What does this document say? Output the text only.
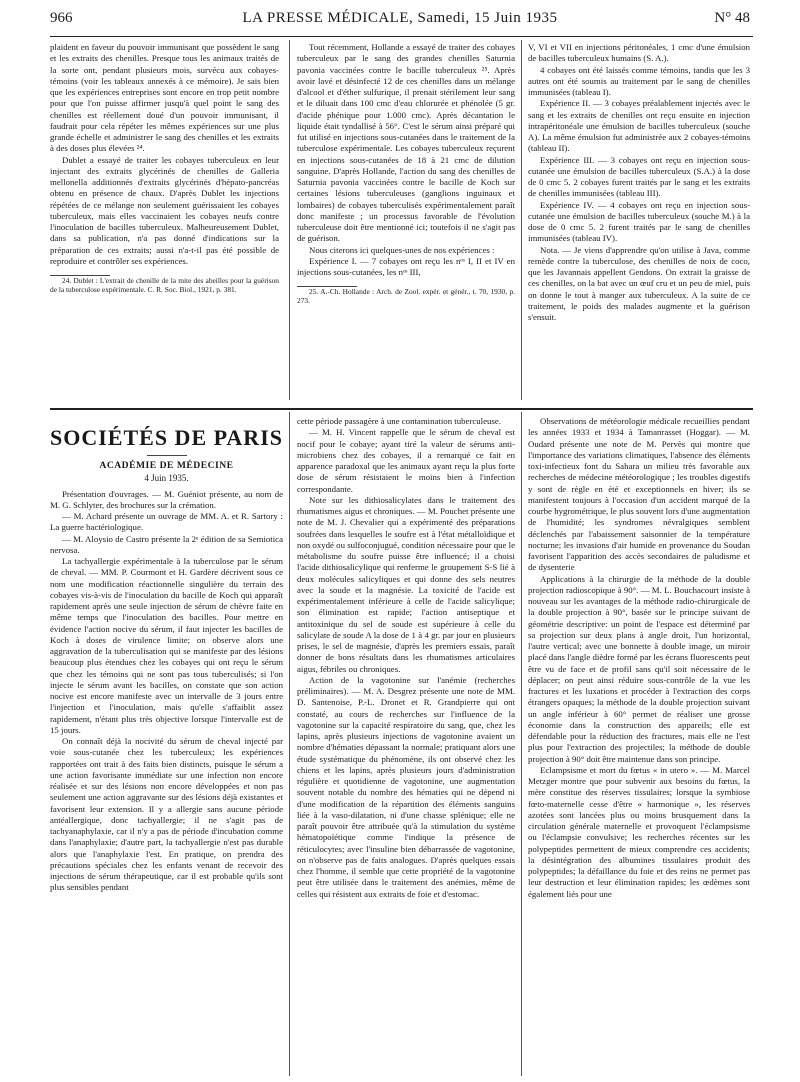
966	LA PRESSE MÉDICALE, Samedi, 15 Juin 1935	N° 48

plaident en faveur du pouvoir immunisant que possèdent le sang et les extraits des chenilles. Presque tous les animaux traités de la sorte ont, pendant plusieurs mois, survécu aux cobayes-témoins (voir les tableaux annexés à ce mémoire). Je sais bien que les expériences entreprises sont encore en trop petit nombre pour que l'on puisse affirmer jusqu'à quel point le sang des chenilles est réellement doué d'un pouvoir immunisant, il faudrait pour cela répéter les mêmes expériences sur une plus grande échelle et administrer le sang des chenilles et les extraits à des doses plus élevées ²⁴.

Dublet a essayé de traiter les cobayes tuberculeux en leur injectant des extraits glycérinés de chenilles de Galleria mellonella additionnés d'extraits glycérinés d'hépato-pancréas obtenu en présence de chaux. D'après Dublet les injections répétées de ce mélange non seulement guérissaient les cobayes tuberculeux, mais elles vaccinaient les cobayes neufs contre l'inoculation de bacilles tuberculeux. Malheureusement Dublet, dans sa publication, n'a pas donné d'indications sur la préparation de ces extraits; aussi n'a-t-il pas été possible de reproduire et contrôler ses expériences.

24. Dublet : L'extrait de chenille de la mite des abeilles pour la guérison de la tuberculose expérimentale. C. R. Soc. Biol., 1921, p. 381.

Tout récemment, Hollande a essayé de traiter des cobayes tuberculeux par le sang des grandes chenilles Saturnia pavonia vaccinées contre le bacille tuberculeux ²⁵. Après avoir lavé et désinfecté 12 de ces chenilles dans un mélange d'alcool et d'éther sulfurique, il prenait stérilement leur sang et le diluait dans 100 cmc d'eau chlorurée et phénolée (5 gr. d'acide phénique pour 1.000 cmc). Après décantation le liquide était tyndallisé à 56°. C'est le sérum ainsi préparé qui fut utilisé en injections sous-cutanées dans le traitement de la tuberculose expérimentale. Les cobayes tuberculeux reçurent en injections sous-cutanées de 18 à 21 cmc de dilution sanguine. D'après Hollande, l'action du sang des chenilles de Saturnia pavonia vaccinées contre le bacille de Koch sur certaines lésions tuberculeuses (ganglions inguinaux et lombaires) de cobayes tuberculisés expérimentalement paraît donc manifeste ; un processus favorable de l'évolution tuberculeuse doit être mentionné ici; toutefois il ne s'agit pas de guérison.

Nous citerons ici quelques-unes de nos expériences :

Expérience I. — 7 cobayes ont reçu les nᵒˢ I, II et IV en injections sous-cutanées, les nᵒˢ III,

25. A.-Ch. Hollande : Arch. de Zool. expér. et génér., t. 70, 1930, p. 273.

V, VI et VII en injections péritonéales, 1 cmc d'une émulsion de bacilles tuberculeux humains (S. A.).

4 cobayes ont été laissés comme témoins, tandis que les 3 autres ont été soumis au traitement par le sang de chenilles immunisées (tableau I).

Expérience II. — 3 cobayes préalablement injectés avec le sang et les extraits de chenilles ont reçu ensuite en injection intrapéritonéale une émulsion de bacilles tuberculeux (souche A). La même émulsion fut administrée aux 2 cobayes-témoins (tableau II).

Expérience III. — 3 cobayes ont reçu en injection sous-cutanée une émulsion de bacilles tuberculeux (S.A.) à la dose de 0 cmc 5. 2 cobayes furent traités par le sang et les extraits de chenilles immunisées (tableau III).

Expérience IV. — 4 cobayes ont reçu en injection sous-cutanée une émulsion de bacilles tuberculeux (souche M.) à la dose de 0 cmc 5. 2 furent traités par le sang de chenilles immunisées (tableau IV).

Nota. — Je viens d'apprendre qu'on utilise à Java, comme remède contre la tuberculose, des chenilles de noix de coco, que les Javannais appellent Gendons. On extrait la graisse de ces chenilles, on la bat avec un œuf cru et un peu de miel, puis on donne le tout à manger aux tuberculeux. A la suite de ce traitement, le poids des malades augmente et la guérison s'ensuit.

SOCIÉTÉS DE PARIS
ACADÉMIE DE MÉDECINE
4 Juin 1935.

Présentation d'ouvrages. — M. Guéniot présente, au nom de M. G. Schlyter, des brochures sur la crémation.

— M. Achard présente un ouvrage de MM. A. et R. Sartory : La guerre bactériologique.

— M. Aloysio de Castro présente la 2ᵉ édition de sa Semiotica nervosa.

La tachyallergie expérimentale à la tuberculose par le sérum de cheval. — MM. P. Courmont et H. Gardère décrivent sous ce nom une modification réactionnelle singulière du terrain des cobayes vis-à-vis de l'inoculation du bacille de Koch qui apparaît rapidement après une seule injection de sérum de chèvre faite en même temps que l'inoculation des bacilles. Pour mettre en évidence l'action nocive du sérum, il faut injecter les bacilles de Koch à doses de virulence limite; on observe alors une aggravation de la tuberculisation qui se manifeste par des lésions beaucoup plus étendues chez les cobayes qui ont reçu le sérum que chez les témoins qui ne sont pas tous tuberculisés; si l'on injecte le sérum avant les bacilles, on constate que son action nocive est encore manifeste avec un intervalle de 3 jours entre l'injection et l'inoculation, mais qu'elle s'affaiblit assez rapidement, n'étant plus très objective lorsque l'intervalle est de 15 jours.

On connaît déjà la nocivité du sérum de cheval injecté par voie sous-cutanée chez les tuberculeux; les expériences rapportées ont trait à des faits bien distincts, puisque le sérum a une action favorisante immédiate sur une infection non encore réalisée et sur des lésions non encore développées et non pas seulement une action aggravante sur des lésions déjà existantes et favorisent leur extension. Il y a allergie sans aucune période antéallergique, donc tachyallergie; il ne s'agit pas de tachyanaphylaxie, car il n'y a pas de période d'incubation comme dans l'anaphylaxie; d'autre part, la tachyallergie n'est pas durable alors que l'anaphylaxie l'est. En pratique, on prendra des précautions spéciales chez les enfants venant de recevoir des injections de sérum thérapeutique, car il est probable qu'ils sont plus sensibles pendant

cette période passagère à une contamination tuberculeuse.

— M. H. Vincent rappelle que le sérum de cheval est nocif pour le cobaye; ayant tiré la valeur de sérums anti-microbiens chez des cobayes, il a remarqué ce fait en apparence paradoxal que les animaux ayant reçu la plus forte dose de sérum résistaient le moins bien à l'infection correspondante.

Note sur les dithiosalicylates dans le traitement des rhumatismes aigus et chroniques. — M. Pouchet présente une note de M. J. Chevalier qui a expérimenté des préparations soufrées dans lesquelles le soufre est à l'état métalloïdique et non oxydé ou sulfoconjugué, condition nécessaire pour que le métabolisme du soufre puisse être influencé; il a choisi l'acide dithiosalicylique qui renferme le groupement S-S lié à deux molécules salicyliques et qui donne des sels neutres avec la soude et la magnésie. La toxicité de l'acide est expérimentalement inférieure à celle de l'acide salicylique; son élimination est rapide; l'action antiseptique et antitoxinique du sel de soude est supérieure à celle du salicylate de soude A la dose de 1 à 4 gr. par jour en plusieurs prises, le sel de magnésie, d'après les premiers essais, paraît donner de bons résultats dans les rhumatismes articulaires aigus, fébriles ou chroniques.

Action de la vagotonine sur l'anémie (recherches préliminaires). — M. A. Desgrez présente une note de MM. D. Santenoise, P.-L. Dronet et R. Grandpierre qui ont constaté, au cours de recherches sur l'influence de la vagotonine sur la capacité respiratoire du sang, que, chez les lapins, après plusieurs injections de vagotonine avaient un nombre d'hématies dépassant la normale; pratiquant alors une étude systématique du phénomène, ils ont observé chez les chiens et les lapins, après plusieurs jours d'administration régulière et quotidienne de vagotonine, une augmentation souvent notable du nombre des hématies qui ne dépend ni d'une modification de la répartition des éléments sanguins liée à la vaso-dilatation, ni d'une chasse splénique; elle ne paraît pouvoir être attribuée qu'à la stimulation du système hématopoïétique comme l'indique la présence de réticulocytes; avec l'insuline bien débarrassée de vagotonine, on n'observe pas de faits analogues. D'après quelques essais chez l'homme, il semble que cette propriété de la vagotonine peut être utilisée dans le traitement des anémies, même de celles qui résistent aux extraits de foie et d'estomac.

Observations de météorologie médicale recueillies pendant les années 1933 et 1934 à Tamanrasset (Hoggar). — M. Oudard présente une note de M. Pervès qui montre que l'importance des variations climatiques, l'absence des éléments toxi-infectieux font du Sahara un milieu très favorable aux recherches de médecine météorologique ; les troubles digestifs y sont de règle en été et exceptionnels en hiver; ils se manifestent toujours à l'occasion d'un accident marqué de la courbe hygrométrique, le plus souvent lors d'une augmentation de l'humidité; les syndromes névralgiques semblent déclenchés par l'abaissement saisonnier de la température nocturne; les invasions d'air humide en provenance du Soudan favorisent l'apparition des accès secondaires de paludisme et de dysenterie

Applications à la chirurgie de la méthode de la double projection radioscopique à 90°. — M. L. Bouchacourt insiste à nouveau sur les avantages de la méthode radio-chirurgicale de la double projection à 90°, basée sur le principe suivant de géométrie descriptive: un point de l'espace est déterminé par sa projection sur deux plans à angle droit, l'un horizontal, l'autre vertical; avec une bonnette à double image, un miroir placé dans l'angle dièdre formé par les écrans fluorescents peut être vu de face et de profil sans qu'il soit nécessaire de le déplacer; on peut ainsi réduire sous-contrôle de la vue les fractures et les luxations et procéder à l'extraction des corps étrangers opaques; la méthode de la double projection suivant un angle inférieur à 60° permet de réaliser une grosse économie dans la construction des appareils; elle est défendable pour la réduction des fractures, mais elle ne l'est plus pour l'extraction des projectiles; la méthode de double projection à 90° doit être maintenue dans son principe.

Eclampsisme et mort du fœtus « in utero ». — M. Marcel Metzger montre que pour subvenir aux besoins du fœtus, la mère constitue des réserves tissulaires; lorsque la symbiose fœto-maternelle cesse d'être « harmonique », les réserves azotées sont lancées plus ou moins brusquement dans la circulation générale maternelle et provoquent l'éclampsisme ou l'éclampsie convulsive; les recherches récentes sur les polypeptides permettent de mieux comprendre ces accidents; la désintégration des albumines tissulaires produit des polypeptides; la défaillance du foie et des reins ne permet pas leur destruction et leur élimination rapides; les œdèmes sont également liés pour une
